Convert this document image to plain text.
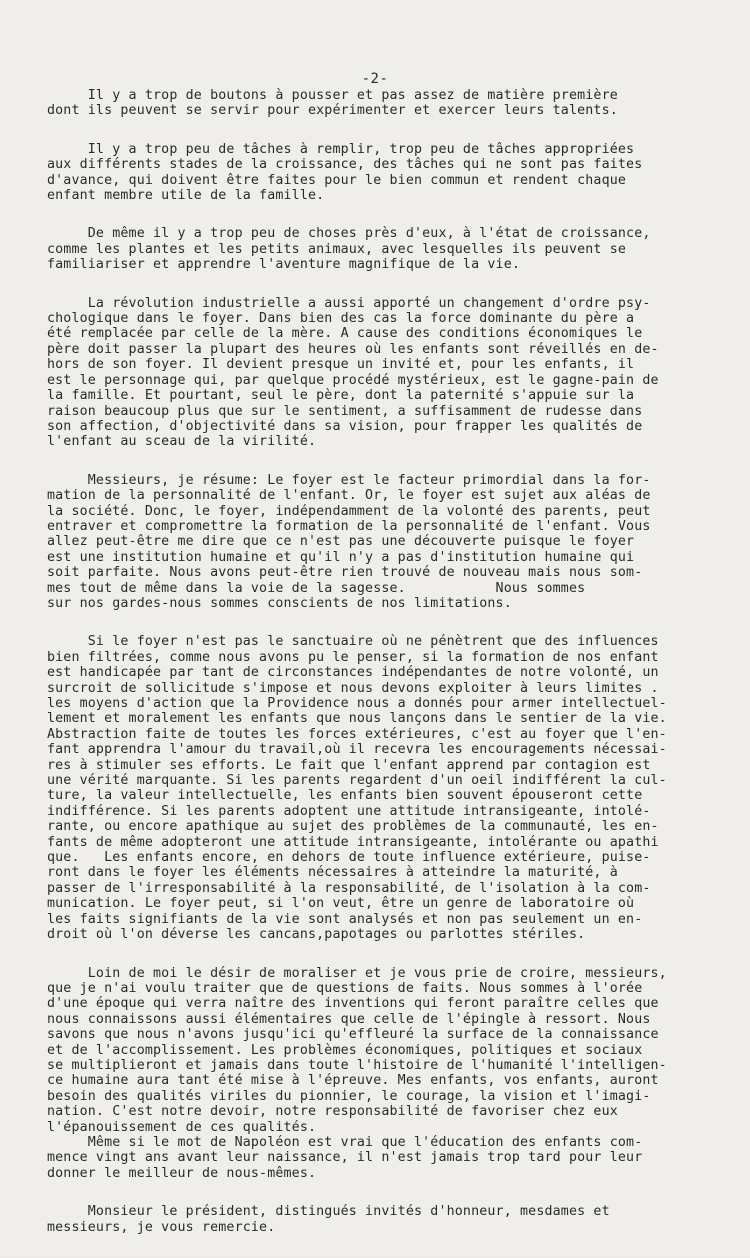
-2-

Il y a trop de boutons à pousser et pas assez de matière première
dont ils peuvent se servir pour expérimenter et exercer leurs talents.

Il y a trop peu de tâches à remplir, trop peu de tâches appropriées
aux différents stades de la croissance, des tâches qui ne sont pas faites
d'avance, qui doivent être faites pour le bien commun et rendent chaque
enfant membre utile de la famille.

De même il y a trop peu de choses près d'eux, à l'état de croissance,
comme les plantes et les petits animaux, avec lesquelles ils peuvent se
familiariser et apprendre l'aventure magnifique de la vie.

La révolution industrielle a aussi apporté un changement d'ordre psy-
chologique dans le foyer. Dans bien des cas la force dominante du père a
été remplacée par celle de la mère. A cause des conditions économiques le
père doit passer la plupart des heures où les enfants sont réveillés en de-
hors de son foyer. Il devient presque un invité et, pour les enfants, il
est le personnage qui, par quelque procédé mystérieux, est le gagne-pain de
la famille. Et pourtant, seul le père, dont la paternité s'appuie sur la
raison beaucoup plus que sur le sentiment, a suffisamment de rudesse dans
son affection, d'objectivité dans sa vision, pour frapper les qualités de
l'enfant au sceau de la virilité.

Messieurs, je résume: Le foyer est le facteur primordial dans la for-
mation de la personnalité de l'enfant. Or, le foyer est sujet aux aléas de
la société. Donc, le foyer, indépendamment de la volonté des parents, peut
entraver et compromettre la formation de la personnalité de l'enfant. Vous
allez peut-être me dire que ce n'est pas une découverte puisque le foyer
est une institution humaine et qu'il n'y a pas d'institution humaine qui
soit parfaite. Nous avons peut-être rien trouvé de nouveau mais nous som-
mes tout de même dans la voie de la sagesse.           Nous sommes
sur nos gardes-nous sommes conscients de nos limitations.

Si le foyer n'est pas le sanctuaire où ne pénètrent que des influences
bien filtrées, comme nous avons pu le penser, si la formation de nos enfant
est handicapée par tant de circonstances indépendantes de notre volonté, un
surcroit de sollicitude s'impose et nous devons exploiter à leurs limites .
les moyens d'action que la Providence nous a donnés pour armer intellectuel-
lement et moralement les enfants que nous lançons dans le sentier de la vie.
Abstraction faite de toutes les forces extérieures, c'est au foyer que l'en-
fant apprendra l'amour du travail,où il recevra les encouragements nécessai-
res à stimuler ses efforts. Le fait que l'enfant apprend par contagion est
une vérité marquante. Si les parents regardent d'un oeil indifférent la cul-
ture, la valeur intellectuelle, les enfants bien souvent épouseront cette
indifférence. Si les parents adoptent une attitude intransigeante, intolé-
rante, ou encore apathique au sujet des problèmes de la communauté, les en-
fants de même adopteront une attitude intransigeante, intolérante ou apathi
que.   Les enfants encore, en dehors de toute influence extérieure, puise-
ront dans le foyer les éléments nécessaires à atteindre la maturité, à
passer de l'irresponsabilité à la responsabilité, de l'isolation à la com-
munication. Le foyer peut, si l'on veut, être un genre de laboratoire où
les faits signifiants de la vie sont analysés et non pas seulement un en-
droit où l'on déverse les cancans,papotages ou parlottes stériles.

Loin de moi le désir de moraliser et je vous prie de croire, messieurs,
que je n'ai voulu traiter que de questions de faits. Nous sommes à l'orée
d'une époque qui verra naître des inventions qui feront paraître celles que
nous connaissons aussi élémentaires que celle de l'épingle à ressort. Nous
savons que nous n'avons jusqu'ici qu'effleuré la surface de la connaissance
et de l'accomplissement. Les problèmes économiques, politiques et sociaux
se multiplieront et jamais dans toute l'histoire de l'humanité l'intelligen-
ce humaine aura tant été mise à l'épreuve. Mes enfants, vos enfants, auront
besoin des qualités viriles du pionnier, le courage, la vision et l'imagi-
nation. C'est notre devoir, notre responsabilité de favoriser chez eux
l'épanouissement de ces qualités.

Même si le mot de Napoléon est vrai que l'éducation des enfants com-
mence vingt ans avant leur naissance, il n'est jamais trop tard pour leur
donner le meilleur de nous-mêmes.

Monsieur le président, distingués invités d'honneur, mesdames et
messieurs, je vous remercie.
